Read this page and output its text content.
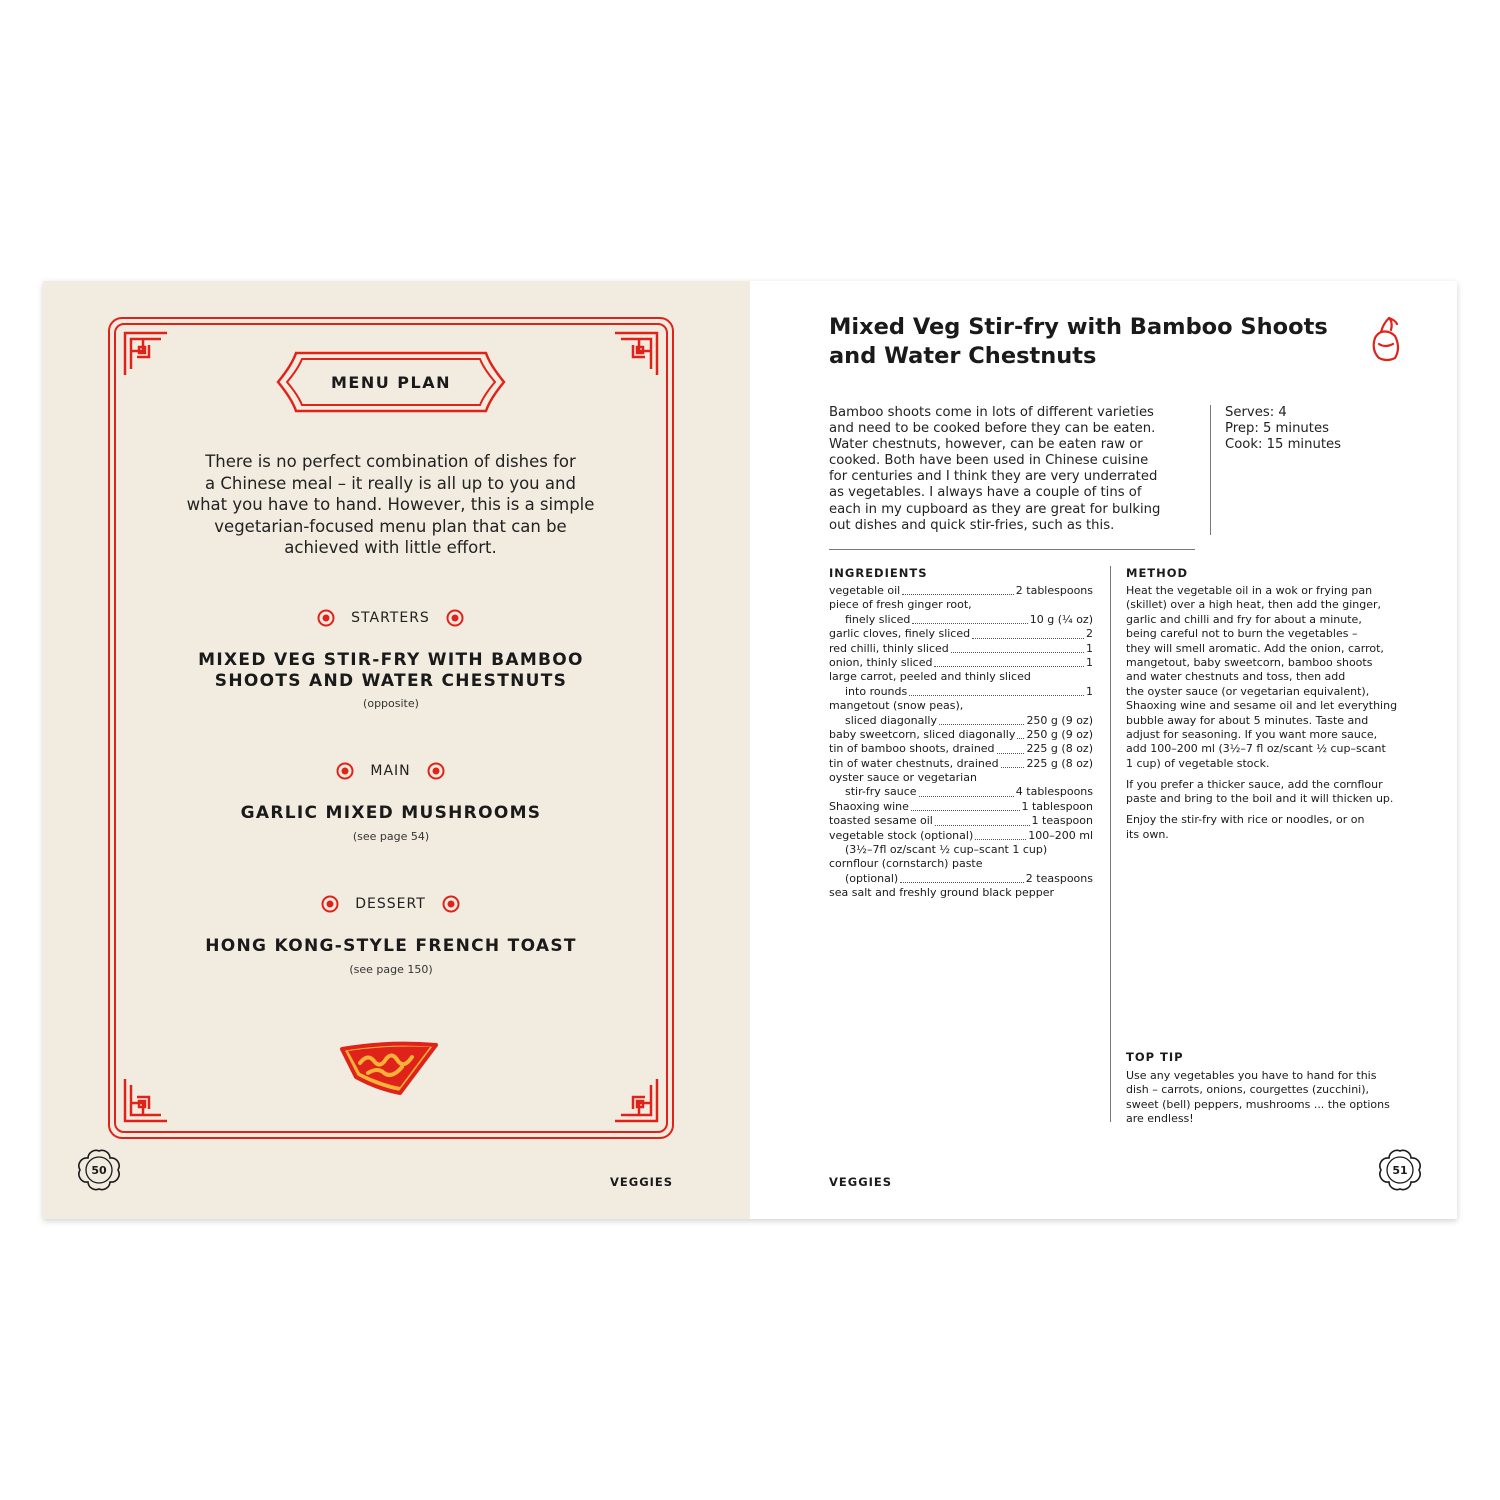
MENU PLAN
There is no perfect combination of dishes for
a Chinese meal – it really is all up to you and
what you have to hand. However, this is a simple
vegetarian-focused menu plan that can be
achieved with little effort.
STARTERS
MIXED VEG STIR-FRY WITH BAMBOO
SHOOTS AND WATER CHESTNUTS
(opposite)
MAIN
GARLIC MIXED MUSHROOMS
(see page 54)
DESSERT
HONG KONG-STYLE FRENCH TOAST
(see page 150)
50
VEGGIES
Mixed Veg Stir-fry with Bamboo Shoots
and Water Chestnuts
Bamboo shoots come in lots of different varieties
and need to be cooked before they can be eaten.
Water chestnuts, however, can be eaten raw or
cooked. Both have been used in Chinese cuisine
for centuries and I think they are very underrated
as vegetables. I always have a couple of tins of
each in my cupboard as they are great for bulking
out dishes and quick stir-fries, such as this.
Serves: 4
Prep: 5 minutes
Cook: 15 minutes
INGREDIENTS
vegetable oil	2 tablespoons
piece of fresh ginger root,
finely sliced	10 g (¼ oz)
garlic cloves, finely sliced	2
red chilli, thinly sliced	1
onion, thinly sliced	1
large carrot, peeled and thinly sliced
into rounds	1
mangetout (snow peas),
sliced diagonally	250 g (9 oz)
baby sweetcorn, sliced diagonally 250 g (9 oz)
tin of bamboo shoots, drained	225 g (8 oz)
tin of water chestnuts, drained	225 g (8 oz)
oyster sauce or vegetarian
stir-fry sauce	4 tablespoons
Shaoxing wine	1 tablespoon
toasted sesame oil	1 teaspoon
vegetable stock (optional)	100–200 ml
(3½–7fl oz/scant ½ cup–scant 1 cup)
cornflour (cornstarch) paste
(optional)	2 teaspoons
sea salt and freshly ground black pepper
METHOD

Heat the vegetable oil in a wok or frying pan
(skillet) over a high heat, then add the ginger,
garlic and chilli and fry for about a minute,
being careful not to burn the vegetables –
they will smell aromatic. Add the onion, carrot,
mangetout, baby sweetcorn, bamboo shoots
and water chestnuts and toss, then add
the oyster sauce (or vegetarian equivalent),
Shaoxing wine and sesame oil and let everything
bubble away for about 5 minutes. Taste and
adjust for seasoning. If you want more sauce,
add 100–200 ml (3½–7 fl oz/scant ½ cup–scant
1 cup) of vegetable stock.

If you prefer a thicker sauce, add the cornflour
paste and bring to the boil and it will thicken up.

Enjoy the stir-fry with rice or noodles, or on
its own.

TOP TIP
Use any vegetables you have to hand for this
dish – carrots, onions, courgettes (zucchini),
sweet (bell) peppers, mushrooms ... the options
are endless!
VEGGIES
51
